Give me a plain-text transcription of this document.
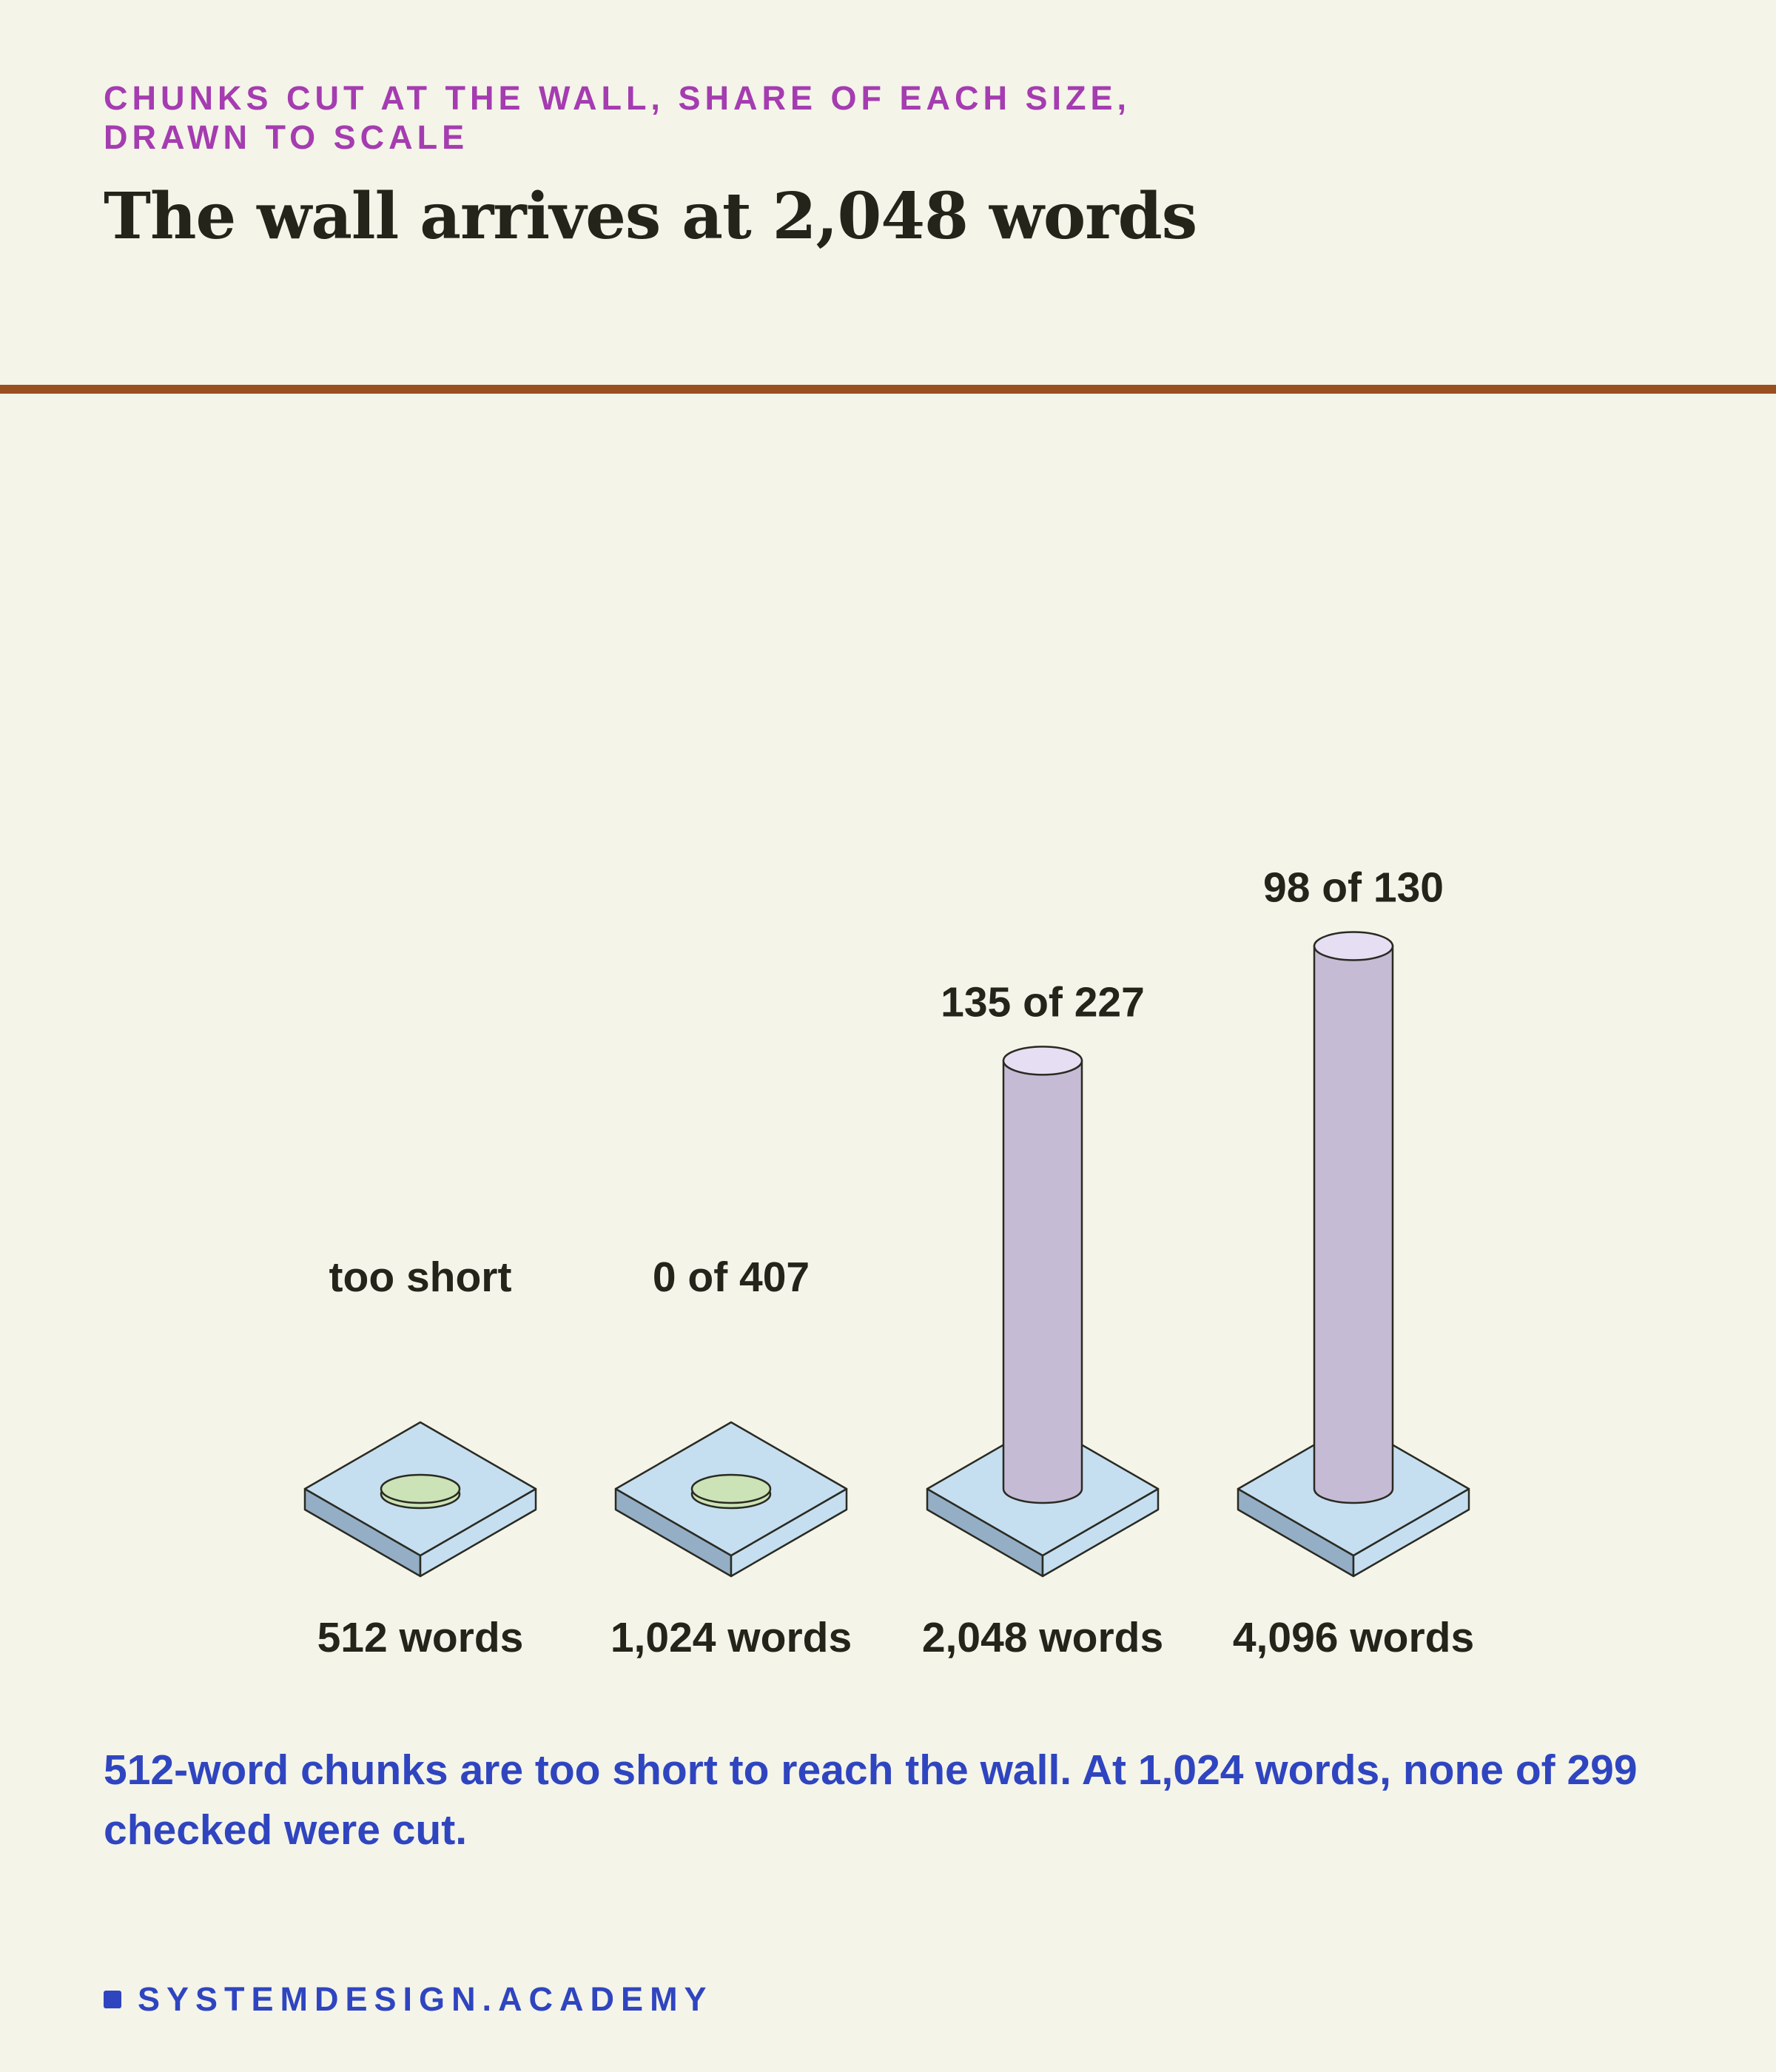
CHUNKS CUT AT THE WALL, SHARE OF EACH SIZE, DRAWN TO SCALE
The wall arrives at 2,048 words
too short
512 words
0 of 407
1,024 words
135 of 227
2,048 words
98 of 130
4,096 words

512-word chunks are too short to reach the wall. At 1,024 words, none of 299 checked were cut.

SYSTEMDESIGN.ACADEMY
